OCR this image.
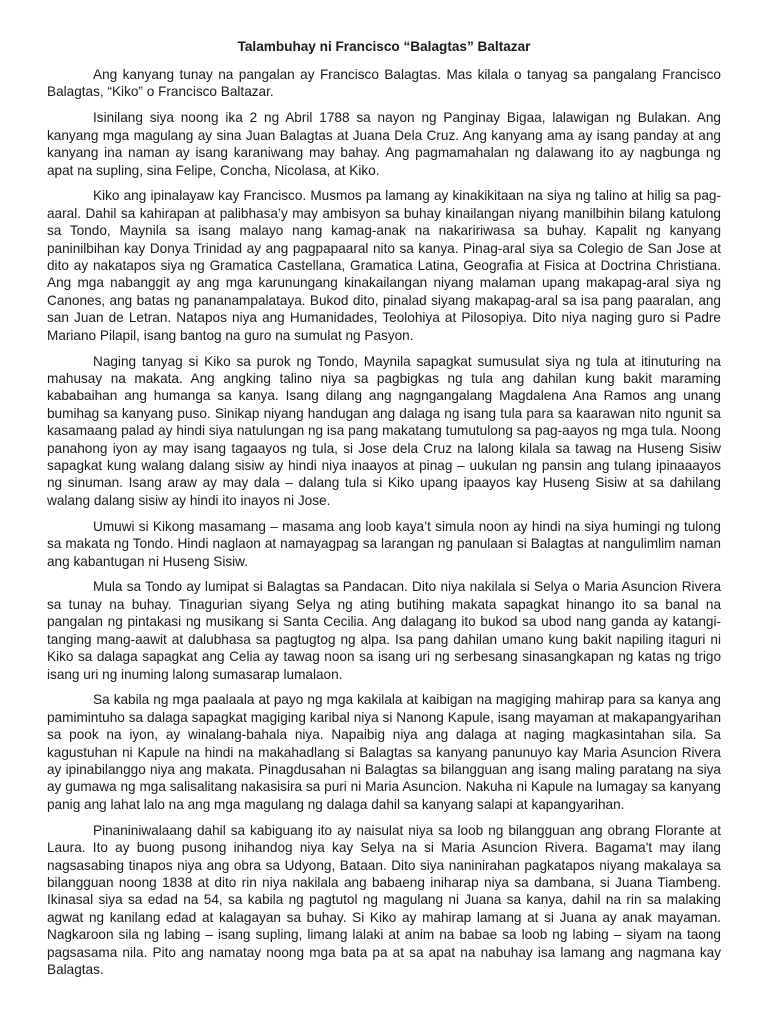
Talambuhay ni Francisco “Balagtas” Baltazar

Ang kanyang tunay na pangalan ay Francisco Balagtas. Mas kilala o tanyag sa pangalang Francisco Balagtas, “Kiko” o Francisco Baltazar.

Isinilang siya noong ika 2 ng Abril 1788 sa nayon ng Panginay Bigaa, lalawigan ng Bulakan. Ang kanyang mga magulang ay sina Juan Balagtas at Juana Dela Cruz. Ang kanyang ama ay isang panday at ang kanyang ina naman ay isang karaniwang may bahay. Ang pagmamahalan ng dalawang ito ay nagbunga ng apat na supling, sina Felipe, Concha, Nicolasa, at Kiko.

Kiko ang ipinalayaw kay Francisco. Musmos pa lamang ay kinakikitaan na siya ng talino at hilig sa pag-aaral. Dahil sa kahirapan at palibhasa’y may ambisyon sa buhay kinailangan niyang manilbihin bilang katulong sa Tondo, Maynila sa isang malayo nang kamag-anak na nakaririwasa sa buhay. Kapalit ng kanyang paninilbihan kay Donya Trinidad ay ang pagpapaaral nito sa kanya. Pinag-aral siya sa Colegio de San Jose at dito ay nakatapos siya ng Gramatica Castellana, Gramatica Latina, Geografia at Fisica at Doctrina Christiana. Ang mga nabanggit ay ang mga karunungang kinakailangan niyang malaman upang makapag-aral siya ng Canones, ang batas ng pananampalataya. Bukod dito, pinalad siyang makapag-aral sa isa pang paaralan, ang san Juan de Letran. Natapos niya ang Humanidades, Teolohiya at Pilosopiya. Dito niya naging guro si Padre Mariano Pilapil, isang bantog na guro na sumulat ng Pasyon.

Naging tanyag si Kiko sa purok ng Tondo, Maynila sapagkat sumusulat siya ng tula at itinuturing na mahusay na makata. Ang angking talino niya sa pagbigkas ng tula ang dahilan kung bakit maraming kababaihan ang humanga sa kanya. Isang dilang ang nagngangalang Magdalena Ana Ramos ang unang bumihag sa kanyang puso. Sinikap niyang handugan ang dalaga ng isang tula para sa kaarawan nito ngunit sa kasamaang palad ay hindi siya natulungan ng isa pang makatang tumutulong sa pag-aayos ng mga tula. Noong panahong iyon ay may isang tagaayos ng tula, si Jose dela Cruz na lalong kilala sa tawag na Huseng Sisiw sapagkat kung walang dalang sisiw ay hindi niya inaayos at pinag – uukulan ng pansin ang tulang ipinaaayos ng sinuman. Isang araw ay may dala – dalang tula si Kiko upang ipaayos kay Huseng Sisiw at sa dahilang walang dalang sisiw ay hindi ito inayos ni Jose.

Umuwi si Kikong masamang – masama ang loob kaya’t simula noon ay hindi na siya humingi ng tulong sa makata ng Tondo. Hindi naglaon at namayagpag sa larangan ng panulaan si Balagtas at nangulimlim naman ang kabantugan ni Huseng Sisiw.

Mula sa Tondo ay lumipat si Balagtas sa Pandacan. Dito niya nakilala si Selya o Maria Asuncion Rivera sa tunay na buhay. Tinagurian siyang Selya ng ating butihing makata sapagkat hinango ito sa banal na pangalan ng pintakasi ng musikang si Santa Cecilia. Ang dalagang ito bukod sa ubod nang ganda ay katangi-tanging mang-aawit at dalubhasa sa pagtugtog ng alpa. Isa pang dahilan umano kung bakit napiling itaguri ni Kiko sa dalaga sapagkat ang Celia ay tawag noon sa isang uri ng serbesang sinasangkapan ng katas ng trigo isang uri ng inuming lalong sumasarap lumalaon.

Sa kabila ng mga paalaala at payo ng mga kakilala at kaibigan na magiging mahirap para sa kanya ang pamimintuho sa dalaga sapagkat magiging karibal niya si Nanong Kapule, isang mayaman at makapangyarihan sa pook na iyon, ay winalang-bahala niya. Napaibig niya ang dalaga at naging magkasintahan sila. Sa kagustuhan ni Kapule na hindi na makahadlang si Balagtas sa kanyang panunuyo kay Maria Asuncion Rivera ay ipinabilanggo niya ang makata. Pinagdusahan ni Balagtas sa bilangguan ang isang maling paratang na siya ay gumawa ng mga salisalitang nakasisira sa puri ni Maria Asuncion. Nakuha ni Kapule na lumagay sa kanyang panig ang lahat lalo na ang mga magulang ng dalaga dahil sa kanyang salapi at kapangyarihan.

Pinaniniwalaang dahil sa kabiguang ito ay naisulat niya sa loob ng bilangguan ang obrang Florante at Laura. Ito ay buong pusong inihandog niya kay Selya na si Maria Asuncion Rivera. Bagama't may ilang nagsasabing tinapos niya ang obra sa Udyong, Bataan. Dito siya naninirahan pagkatapos niyang makalaya sa bilangguan noong 1838 at dito rin niya nakilala ang babaeng iniharap niya sa dambana, si Juana Tiambeng. Ikinasal siya sa edad na 54, sa kabila ng pagtutol ng magulang ni Juana sa kanya, dahil na rin sa malaking agwat ng kanilang edad at kalagayan sa buhay. Si Kiko ay mahirap lamang at si Juana ay anak mayaman. Nagkaroon sila ng labing – isang supling, limang lalaki at anim na babae sa loob ng labing – siyam na taong pagsasama nila. Pito ang namatay noong mga bata pa at sa apat na nabuhay isa lamang ang nagmana kay Balagtas.
